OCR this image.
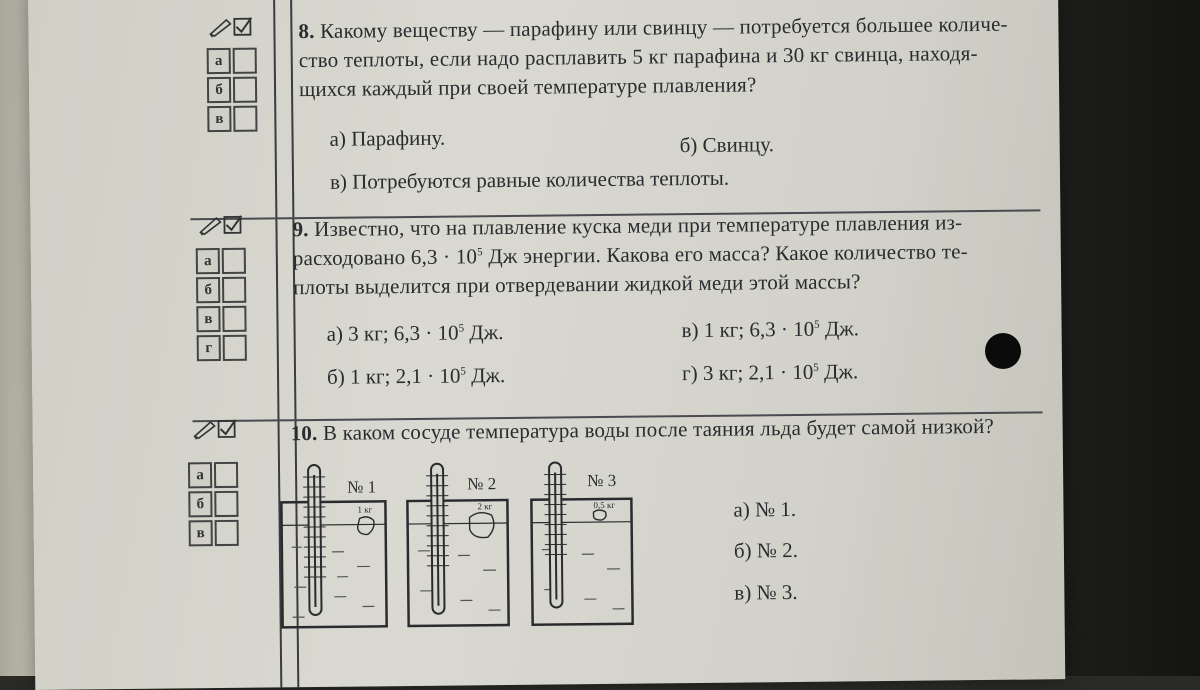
а
б
в
8. Какому веществу — парафину или свинцу — потребуется большее количе-
ство теплоты, если надо расплавить 5 кг парафина и 30 кг свинца, находя-
щихся каждый при своей температуре плавления?
а) Парафину.	б) Свинцу.
в) Потребуются равные количества теплоты.
а
б
в
г
9. Известно, что на плавление куска меди при температуре плавления из-
расходовано $6,3 \cdot 10^5$ Дж энергии. Какова его масса? Какое количество те-
плоты выделится при отвердевании жидкой меди этой массы?
а) 3 кг; $6,3 \cdot 10^5$ Дж.	в) 1 кг; $6,3 \cdot 10^5$ Дж.
б) 1 кг; $2,1 \cdot 10^5$ Дж.	г) 3 кг; $2,1 \cdot 10^5$ Дж.
а
б
в
10. В каком сосуде температура воды после таяния льда будет самой низкой?
№ 1
1 кг
№ 2
2 кг
№ 3
0,5 кг	а) № 1.
б) № 2.
в) № 3.
